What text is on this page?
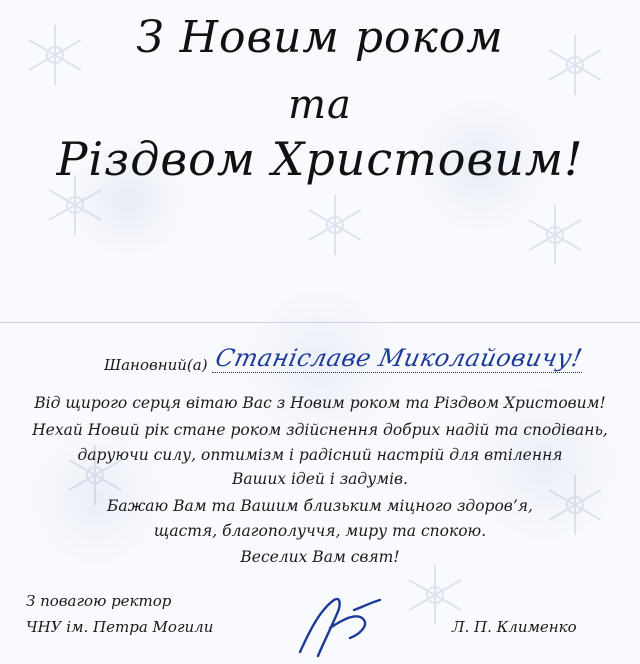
З Новим роком
та
Різдвом Христовим!
Шановний(а) Станіславе Миколайовичу!
Від щирого серця вітаю Вас з Новим роком та Різдвом Христовим!
Нехай Новий рік стане роком здійснення добрих надій та сподівань,
даруючи силу, оптимізм і радісний настрій для втілення
Ваших ідей і задумів.
Бажаю Вам та Вашим близьким міцного здоров’я,
щастя, благополуччя, миру та спокою.
Веселих Вам свят!
З повагою ректор
ЧНУ ім. Петра Могили	Л. П. Клименко
